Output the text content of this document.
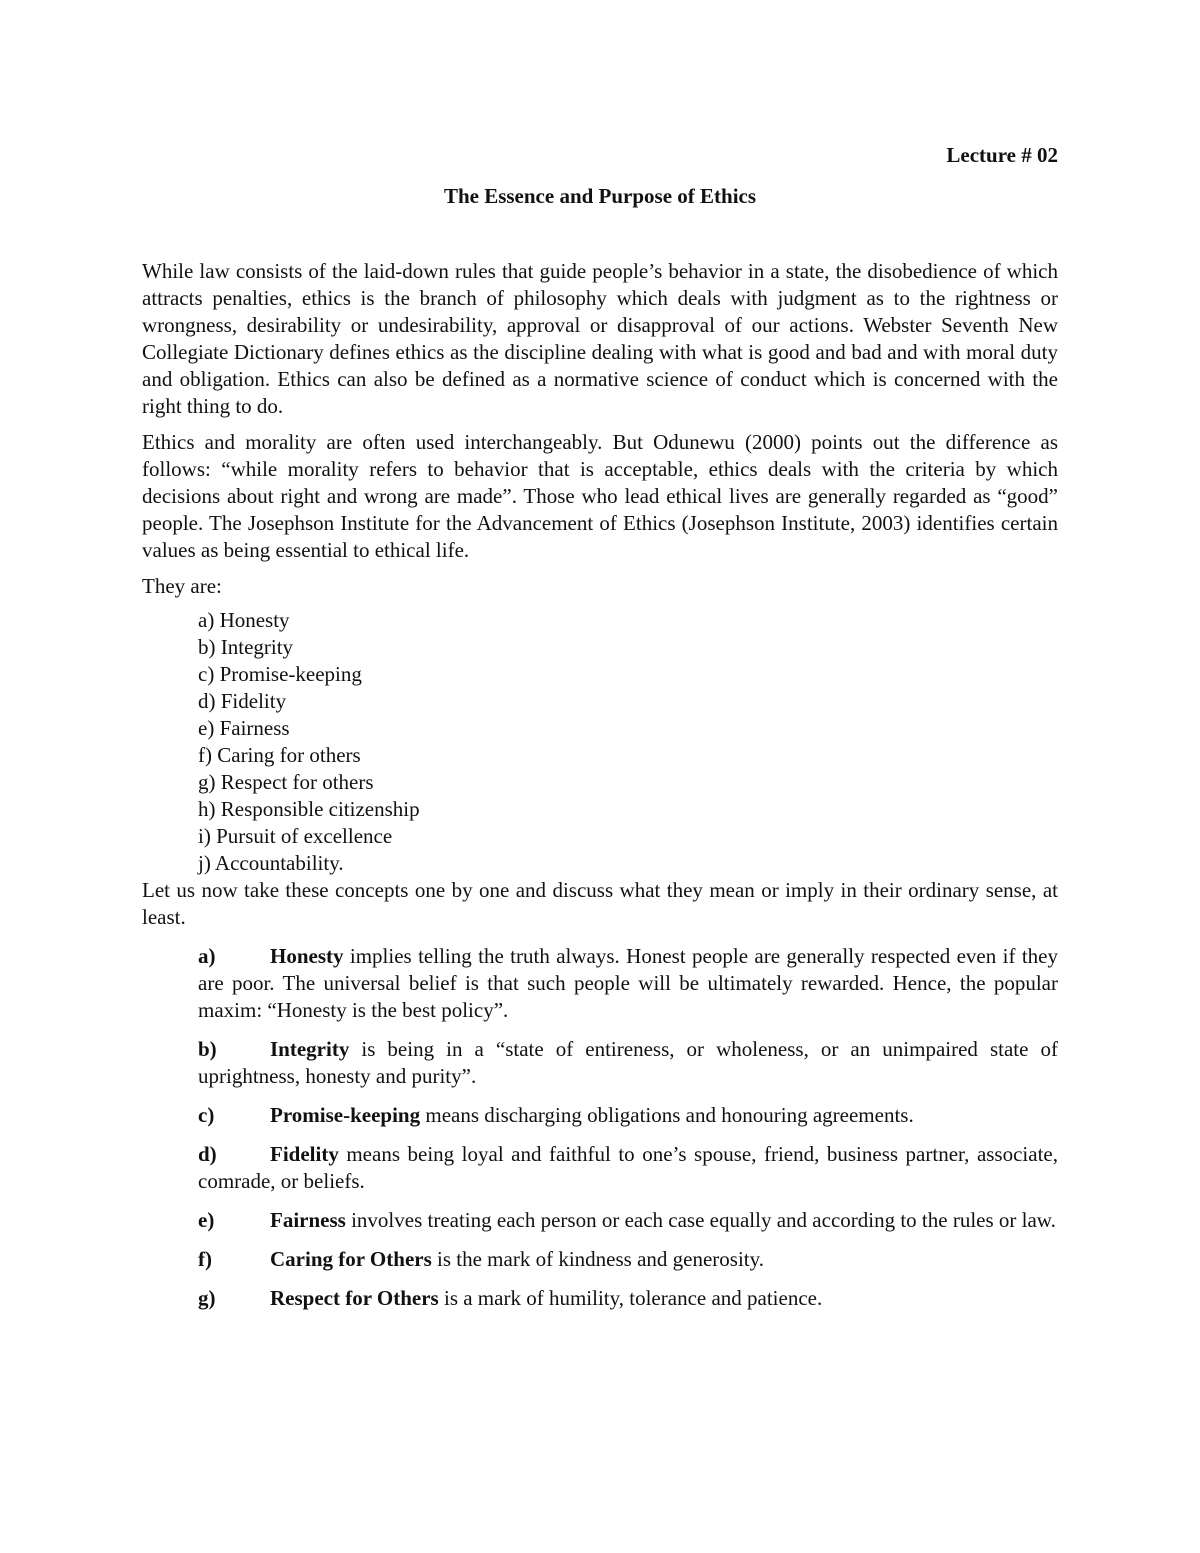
Lecture # 02
The Essence and Purpose of Ethics

While law consists of the laid-down rules that guide people’s behavior in a state, the disobedience of which attracts penalties, ethics is the branch of philosophy which deals with judgment as to the rightness or wrongness, desirability or undesirability, approval or disapproval of our actions. Webster Seventh New Collegiate Dictionary defines ethics as the discipline dealing with what is good and bad and with moral duty and obligation. Ethics can also be defined as a normative science of conduct which is concerned with the right thing to do.

Ethics and morality are often used interchangeably. But Odunewu (2000) points out the difference as follows: “while morality refers to behavior that is acceptable, ethics deals with the criteria by which decisions about right and wrong are made”. Those who lead ethical lives are generally regarded as “good” people. The Josephson Institute for the Advancement of Ethics (Josephson Institute, 2003) identifies certain values as being essential to ethical life.

They are:

a) Honesty
b) Integrity
c) Promise-keeping
d) Fidelity
e) Fairness
f) Caring for others
g) Respect for others
h) Responsible citizenship
i) Pursuit of excellence
j) Accountability.

Let us now take these concepts one by one and discuss what they mean or imply in their ordinary sense, at least.

a)	Honesty implies telling the truth always. Honest people are generally respected even if they are poor. The universal belief is that such people will be ultimately rewarded. Hence, the popular maxim: “Honesty is the best policy”.
b)	Integrity is being in a “state of entireness, or wholeness, or an unimpaired state of uprightness, honesty and purity”.
c)	Promise-keeping means discharging obligations and honouring agreements.
d)	Fidelity means being loyal and faithful to one’s spouse, friend, business partner, associate, comrade, or beliefs.
e)	Fairness involves treating each person or each case equally and according to the rules or law.
f)	Caring for Others is the mark of kindness and generosity.
g)	Respect for Others is a mark of humility, tolerance and patience.
